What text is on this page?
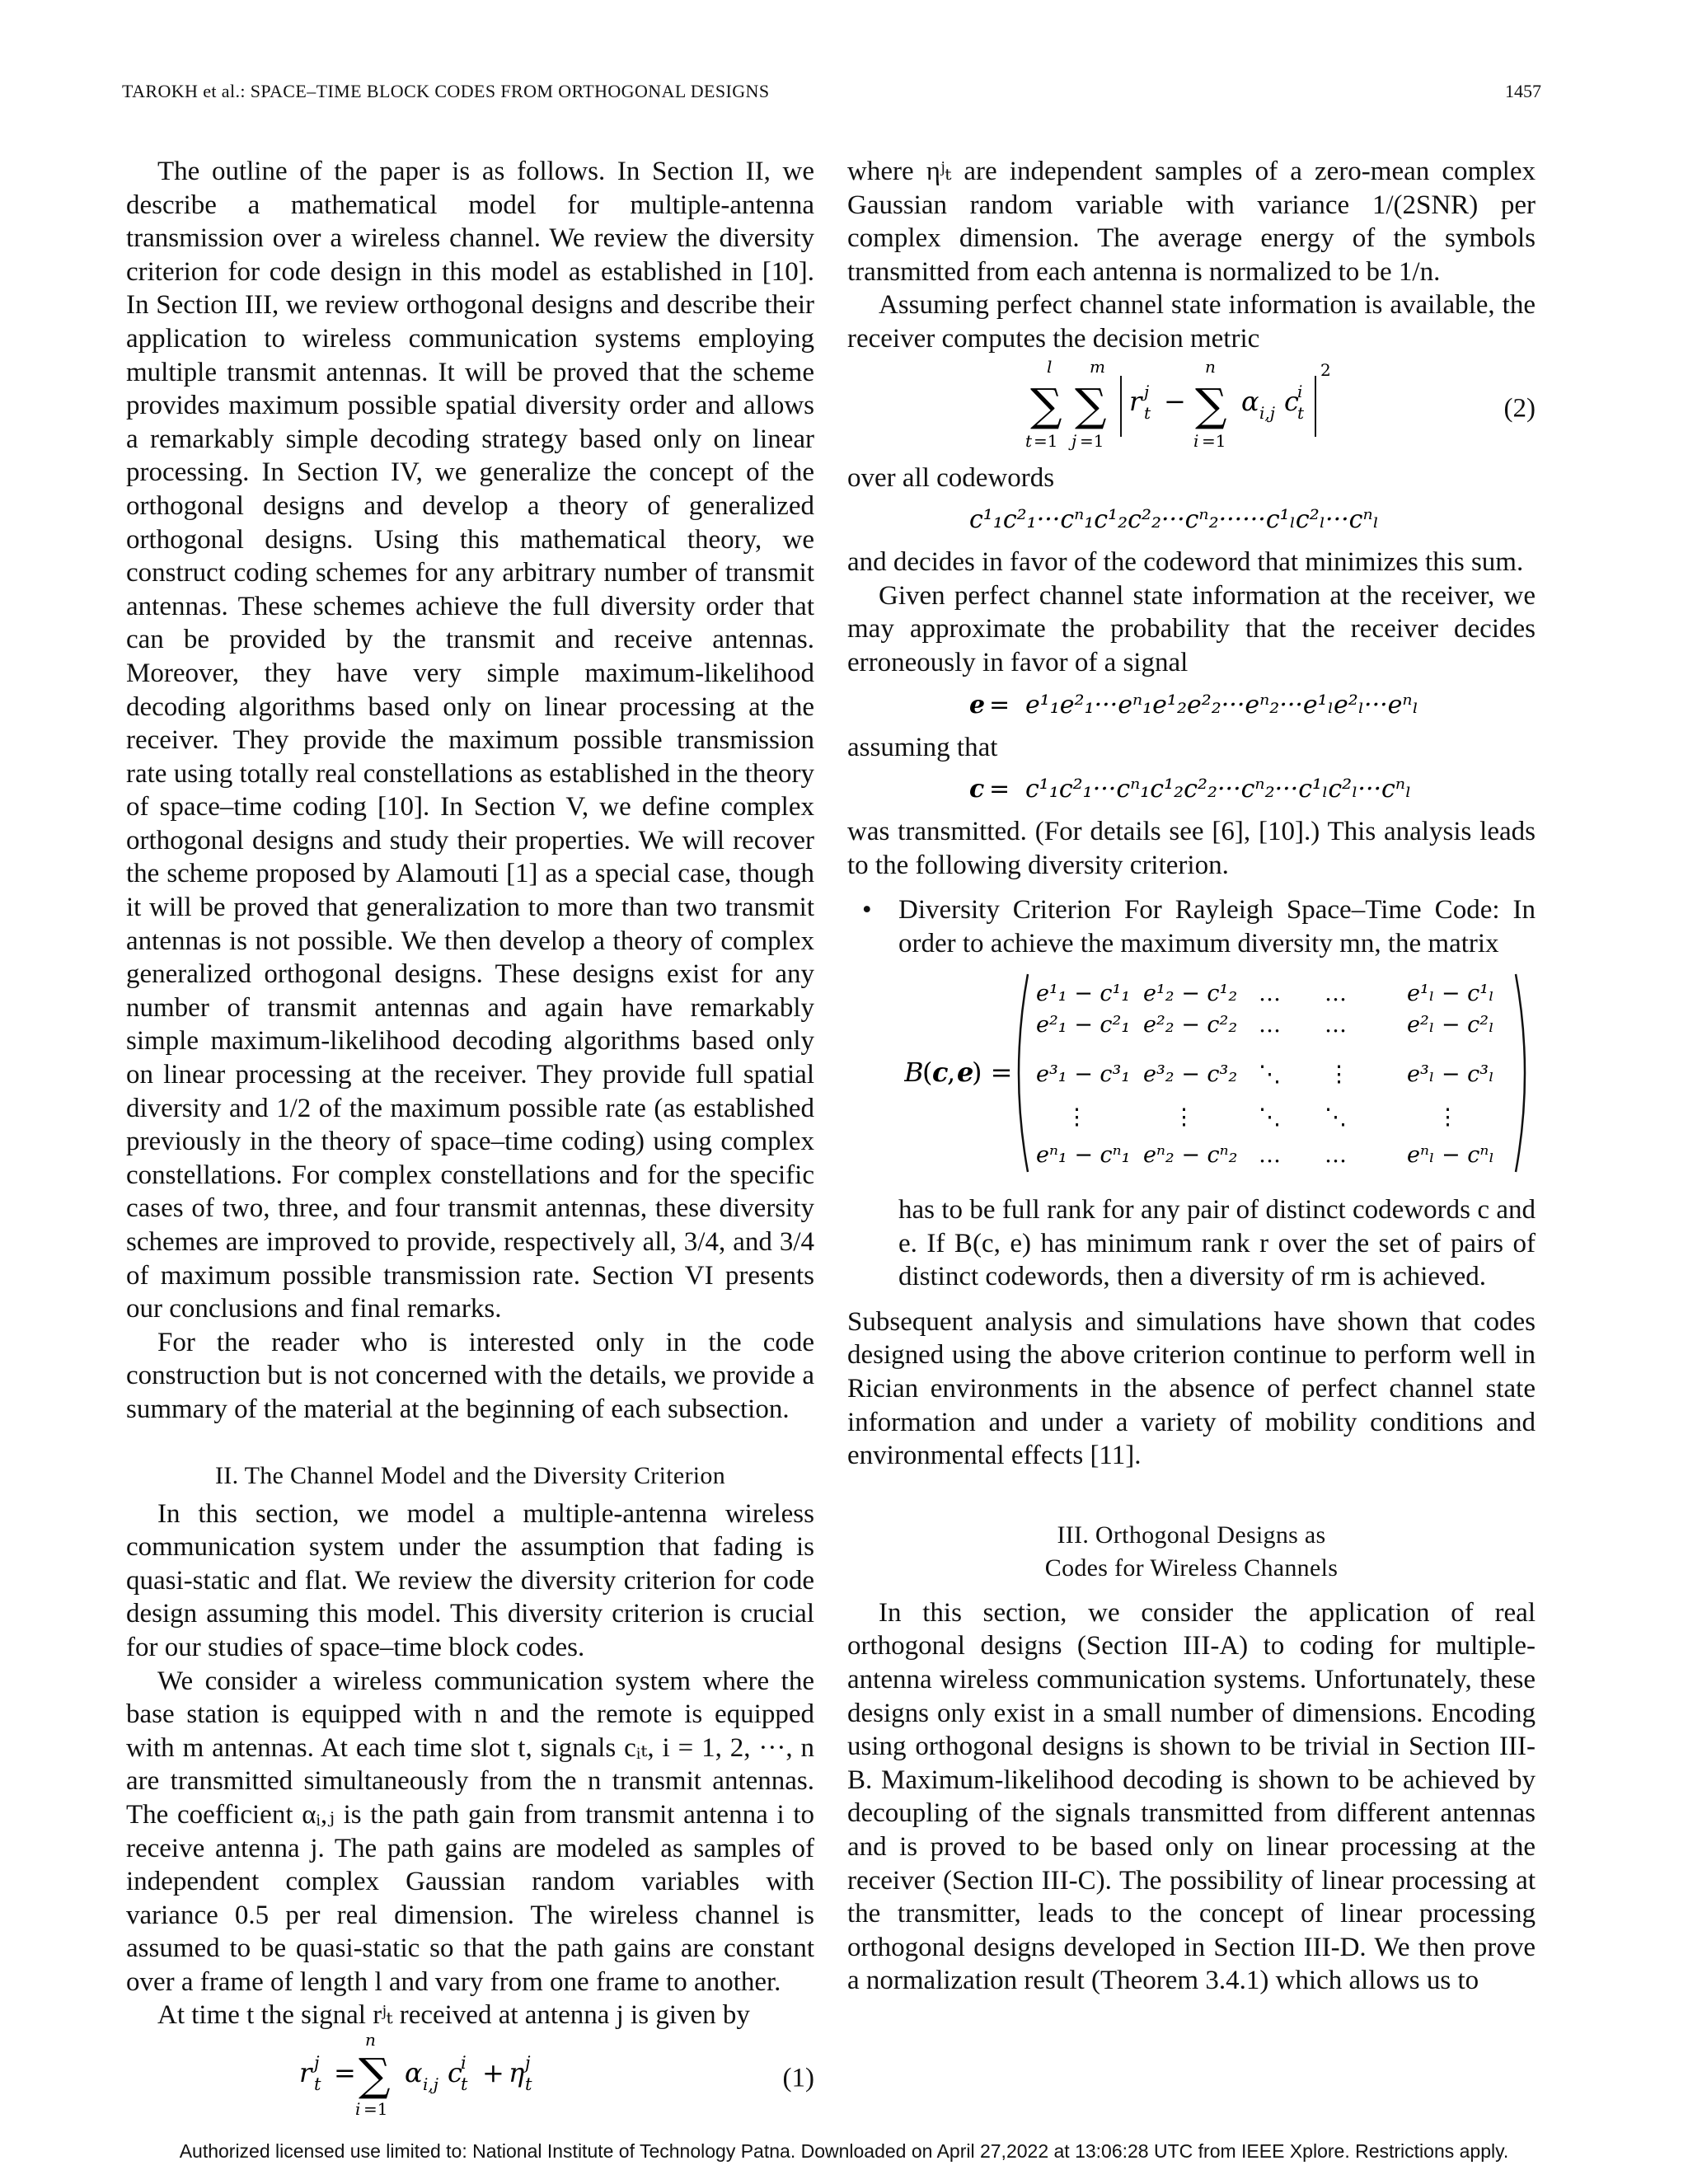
TAROKH et al.: SPACE–TIME BLOCK CODES FROM ORTHOGONAL DESIGNS	1457

The outline of the paper is as follows. In Section II, we describe a mathematical model for multiple-antenna transmission over a wireless channel. We review the diversity criterion for code design in this model as established in [10]. In Section III, we review orthogonal designs and describe their application to wireless communication systems employing multiple transmit antennas. It will be proved that the scheme provides maximum possible spatial diversity order and allows a remarkably simple decoding strategy based only on linear processing. In Section IV, we generalize the concept of the orthogonal designs and develop a theory of generalized orthogonal designs. Using this mathematical theory, we construct coding schemes for any arbitrary number of transmit antennas. These schemes achieve the full diversity order that can be provided by the transmit and receive antennas. Moreover, they have very simple maximum-likelihood decoding algorithms based only on linear processing at the receiver. They provide the maximum possible transmission rate using totally real constellations as established in the theory of space–time coding [10]. In Section V, we define complex orthogonal designs and study their properties. We will recover the scheme proposed by Alamouti [1] as a special case, though it will be proved that generalization to more than two transmit antennas is not possible. We then develop a theory of complex generalized orthogonal designs. These designs exist for any number of transmit antennas and again have remarkably simple maximum-likelihood decoding algorithms based only on linear processing at the receiver. They provide full spatial diversity and 1/2 of the maximum possible rate (as established previously in the theory of space–time coding) using complex constellations. For complex constellations and for the specific cases of two, three, and four transmit antennas, these diversity schemes are improved to provide, respectively all, 3/4, and 3/4 of maximum possible transmission rate. Section VI presents our conclusions and final remarks.

For the reader who is interested only in the code construction but is not concerned with the details, we provide a summary of the material at the beginning of each subsection.

II. The Channel Model and the Diversity Criterion

In this section, we model a multiple-antenna wireless communication system under the assumption that fading is quasi-static and flat. We review the diversity criterion for code design assuming this model. This diversity criterion is crucial for our studies of space–time block codes.

We consider a wireless communication system where the base station is equipped with n and the remote is equipped with m antennas. At each time slot t, signals cᵢₜ, i = 1, 2, ···, n are transmitted simultaneously from the n transmit antennas. The coefficient αᵢ,ⱼ is the path gain from transmit antenna i to receive antenna j. The path gains are modeled as samples of independent complex Gaussian random variables with variance 0.5 per real dimension. The wireless channel is assumed to be quasi-static so that the path gains are constant over a frame of length l and vary from one frame to another.

At time t the signal rʲₜ received at antenna j is given by

r j
t =
n
∑
i =1
α i,j c
i
t + η j
t	(1)

where ηʲₜ are independent samples of a zero-mean complex Gaussian random variable with variance 1/(2SNR) per complex dimension. The average energy of the symbols transmitted from each antenna is normalized to be 1/n.

Assuming perfect channel state information is available, the receiver computes the decision metric

l
∑
t =1
m
∑
j =1
r j
t −
n
∑
i =1
α i,j c
i
t
2
(2)

over all codewords

c¹₁c²₁···cⁿ₁c¹₂c²₂···cⁿ₂······c¹ₗc²ₗ···cⁿₗ

and decides in favor of the codeword that minimizes this sum.

Given perfect channel state information at the receiver, we may approximate the probability that the receiver decides erroneously in favor of a signal

e = e¹₁e²₁···eⁿ₁e¹₂e²₂···eⁿ₂···e¹ₗe²ₗ···eⁿₗ

assuming that

c = c¹₁c²₁···cⁿ₁c¹₂c²₂···cⁿ₂···c¹ₗc²ₗ···cⁿₗ

was transmitted. (For details see [6], [10].) This analysis leads to the following diversity criterion.

• Diversity Criterion For Rayleigh Space–Time Code: In order to achieve the maximum diversity mn, the matrix

B
( c
, e
) =
e¹₁ − c¹₁ e¹₂ − c¹₂ … …	e¹ₗ − c¹ₗ
e²₁ − c²₁ e²₂ − c²₂ … …	e²ₗ − c²ₗ
e³₁ − c³₁ e³₂ − c³₂ ⋱ ⋮	e³ₗ − c³ₗ
⋮	⋮	⋱ ⋱	⋮
eⁿ₁ − cⁿ₁ eⁿ₂ − cⁿ₂ … …	eⁿₗ − cⁿₗ

has to be full rank for any pair of distinct codewords c and e. If B(c, e) has minimum rank r over the set of pairs of distinct codewords, then a diversity of rm is achieved.

Subsequent analysis and simulations have shown that codes designed using the above criterion continue to perform well in Rician environments in the absence of perfect channel state information and under a variety of mobility conditions and environmental effects [11].

III. Orthogonal Designs as
Codes for Wireless Channels

In this section, we consider the application of real orthogonal designs (Section III-A) to coding for multiple-antenna wireless communication systems. Unfortunately, these designs only exist in a small number of dimensions. Encoding using orthogonal designs is shown to be trivial in Section III-B. Maximum-likelihood decoding is shown to be achieved by decoupling of the signals transmitted from different antennas and is proved to be based only on linear processing at the receiver (Section III-C). The possibility of linear processing at the transmitter, leads to the concept of linear processing orthogonal designs developed in Section III-D. We then prove a normalization result (Theorem 3.4.1) which allows us to

Authorized licensed use limited to: National Institute of Technology Patna. Downloaded on April 27,2022 at 13:06:28 UTC from IEEE Xplore. Restrictions apply.
